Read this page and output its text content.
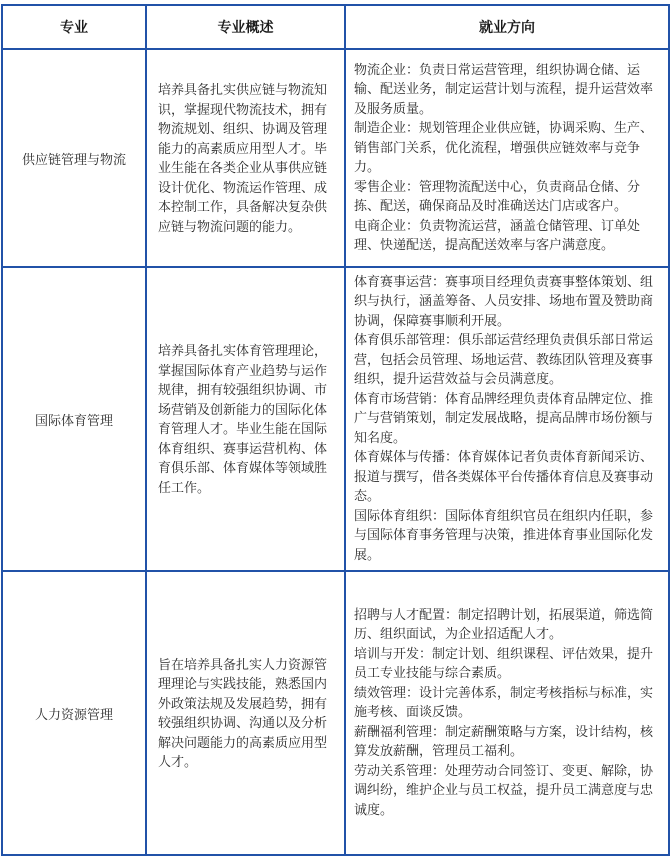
专业	专业概述	就业方向
供应链管理与物流	培养具备扎实供应链与物流知识，掌握现代物流技术，拥有物流规划、组织、协调及管理能力的高素质应用型人才。毕业生能在各类企业从事供应链设计优化、物流运作管理、成本控制工作，具备解决复杂供应链与物流问题的能力。	物流企业：负责日常运营管理，组织协调仓储、运输、配送业务，制定运营计划与流程，提升运营效率及服务质量。
制造企业：规划管理企业供应链，协调采购、生产、销售部门关系，优化流程，增强供应链效率与竞争力。
零售企业：管理物流配送中心，负责商品仓储、分拣、配送，确保商品及时准确送达门店或客户。
电商企业：负责物流运营，涵盖仓储管理、订单处理、快递配送，提高配送效率与客户满意度。

国际体育管理	培养具备扎实体育管理理论，掌握国际体育产业趋势与运作规律，拥有较强组织协调、市场营销及创新能力的国际化体育管理人才。毕业生能在国际体育组织、赛事运营机构、体育俱乐部、体育媒体等领域胜任工作。	体育赛事运营：赛事项目经理负责赛事整体策划、组织与执行，涵盖筹备、人员安排、场地布置及赞助商协调，保障赛事顺利开展。
体育俱乐部管理：俱乐部运营经理负责俱乐部日常运营，包括会员管理、场地运营、教练团队管理及赛事组织，提升运营效益与会员满意度。
体育市场营销：体育品牌经理负责体育品牌定位、推广与营销策划，制定发展战略，提高品牌市场份额与知名度。
体育媒体与传播：体育媒体记者负责体育新闻采访、报道与撰写，借各类媒体平台传播体育信息及赛事动态。
国际体育组织：国际体育组织官员在组织内任职，参与国际体育事务管理与决策，推进体育事业国际化发展。

人力资源管理	旨在培养具备扎实人力资源管理理论与实践技能，熟悉国内外政策法规及发展趋势，拥有较强组织协调、沟通以及分析解决问题能力的高素质应用型人才。	招聘与人才配置：制定招聘计划，拓展渠道，筛选简历、组织面试，为企业招适配人才。
培训与开发：制定计划、组织课程、评估效果，提升员工专业技能与综合素质。
绩效管理：设计完善体系，制定考核指标与标准，实施考核、面谈反馈。
薪酬福利管理：制定薪酬策略与方案，设计结构，核算发放薪酬，管理员工福利。
劳动关系管理：处理劳动合同签订、变更、解除，协调纠纷，维护企业与员工权益，提升员工满意度与忠诚度。
